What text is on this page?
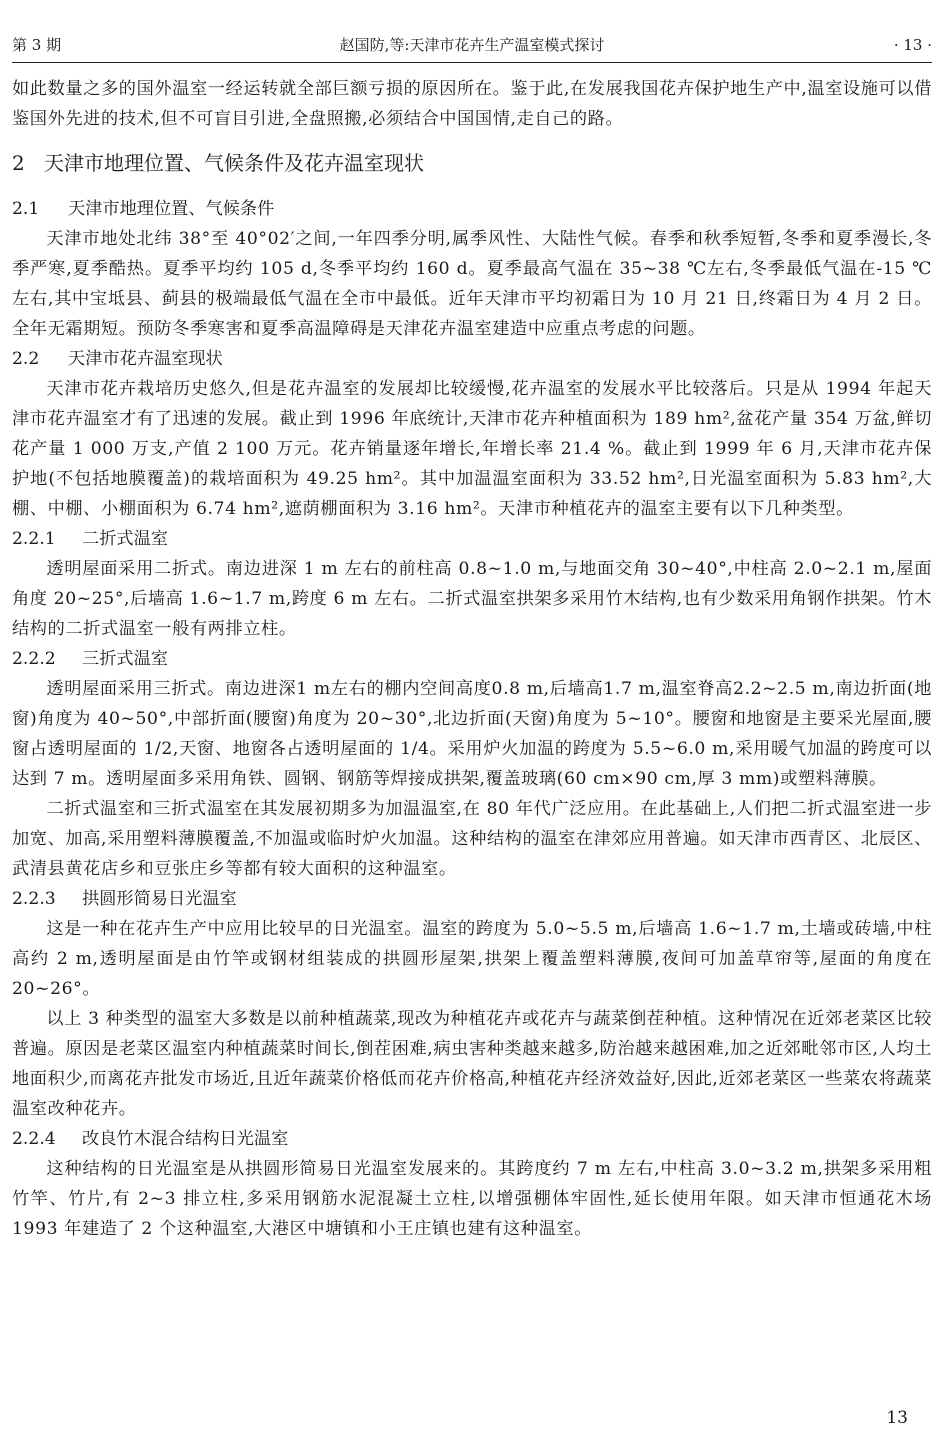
第 3 期	赵国防,等:天津市花卉生产温室模式探讨	· 13 ·

如此数量之多的国外温室一经运转就全部巨额亏损的原因所在。鉴于此,在发展我国花卉保护地生产中,温室设施可以借鉴国外先进的技术,但不可盲目引进,全盘照搬,必须结合中国国情,走自己的路。

2 天津市地理位置、气候条件及花卉温室现状
2.1 天津市地理位置、气候条件

天津市地处北纬 38°至 40°02′之间,一年四季分明,属季风性、大陆性气候。春季和秋季短暂,冬季和夏季漫长,冬季严寒,夏季酷热。夏季平均约 105 d,冬季平均约 160 d。夏季最高气温在 35~38 ℃左右,冬季最低气温在-15 ℃左右,其中宝坻县、蓟县的极端最低气温在全市中最低。近年天津市平均初霜日为 10 月 21 日,终霜日为 4 月 2 日。全年无霜期短。预防冬季寒害和夏季高温障碍是天津花卉温室建造中应重点考虑的问题。

2.2 天津市花卉温室现状

天津市花卉栽培历史悠久,但是花卉温室的发展却比较缓慢,花卉温室的发展水平比较落后。只是从 1994 年起天津市花卉温室才有了迅速的发展。截止到 1996 年底统计,天津市花卉种植面积为 189 hm²,盆花产量 354 万盆,鲜切花产量 1 000 万支,产值 2 100 万元。花卉销量逐年增长,年增长率 21.4 %。截止到 1999 年 6 月,天津市花卉保护地(不包括地膜覆盖)的栽培面积为 49.25 hm²。其中加温温室面积为 33.52 hm²,日光温室面积为 5.83 hm²,大棚、中棚、小棚面积为 6.74 hm²,遮荫棚面积为 3.16 hm²。天津市种植花卉的温室主要有以下几种类型。

2.2.1 二折式温室

透明屋面采用二折式。南边进深 1 m 左右的前柱高 0.8~1.0 m,与地面交角 30~40°,中柱高 2.0~2.1 m,屋面角度 20~25°,后墙高 1.6~1.7 m,跨度 6 m 左右。二折式温室拱架多采用竹木结构,也有少数采用角钢作拱架。竹木结构的二折式温室一般有两排立柱。

2.2.2 三折式温室

透明屋面采用三折式。南边进深1 m左右的棚内空间高度0.8 m,后墙高1.7 m,温室脊高2.2~2.5 m,南边折面(地窗)角度为 40~50°,中部折面(腰窗)角度为 20~30°,北边折面(天窗)角度为 5~10°。腰窗和地窗是主要采光屋面,腰窗占透明屋面的 1/2,天窗、地窗各占透明屋面的 1/4。采用炉火加温的跨度为 5.5~6.0 m,采用暖气加温的跨度可以达到 7 m。透明屋面多采用角铁、圆钢、钢筋等焊接成拱架,覆盖玻璃(60 cm×90 cm,厚 3 mm)或塑料薄膜。

二折式温室和三折式温室在其发展初期多为加温温室,在 80 年代广泛应用。在此基础上,人们把二折式温室进一步加宽、加高,采用塑料薄膜覆盖,不加温或临时炉火加温。这种结构的温室在津郊应用普遍。如天津市西青区、北辰区、武清县黄花店乡和豆张庄乡等都有较大面积的这种温室。

2.2.3 拱圆形简易日光温室

这是一种在花卉生产中应用比较早的日光温室。温室的跨度为 5.0~5.5 m,后墙高 1.6~1.7 m,土墙或砖墙,中柱高约 2 m,透明屋面是由竹竿或钢材组装成的拱圆形屋架,拱架上覆盖塑料薄膜,夜间可加盖草帘等,屋面的角度在 20~26°。

以上 3 种类型的温室大多数是以前种植蔬菜,现改为种植花卉或花卉与蔬菜倒茬种植。这种情况在近郊老菜区比较普遍。原因是老菜区温室内种植蔬菜时间长,倒茬困难,病虫害种类越来越多,防治越来越困难,加之近郊毗邻市区,人均土地面积少,而离花卉批发市场近,且近年蔬菜价格低而花卉价格高,种植花卉经济效益好,因此,近郊老菜区一些菜农将蔬菜温室改种花卉。

2.2.4 改良竹木混合结构日光温室

这种结构的日光温室是从拱圆形简易日光温室发展来的。其跨度约 7 m 左右,中柱高 3.0~3.2 m,拱架多采用粗竹竿、竹片,有 2~3 排立柱,多采用钢筋水泥混凝土立柱,以增强棚体牢固性,延长使用年限。如天津市恒通花木场 1993 年建造了 2 个这种温室,大港区中塘镇和小王庄镇也建有这种温室。

13
